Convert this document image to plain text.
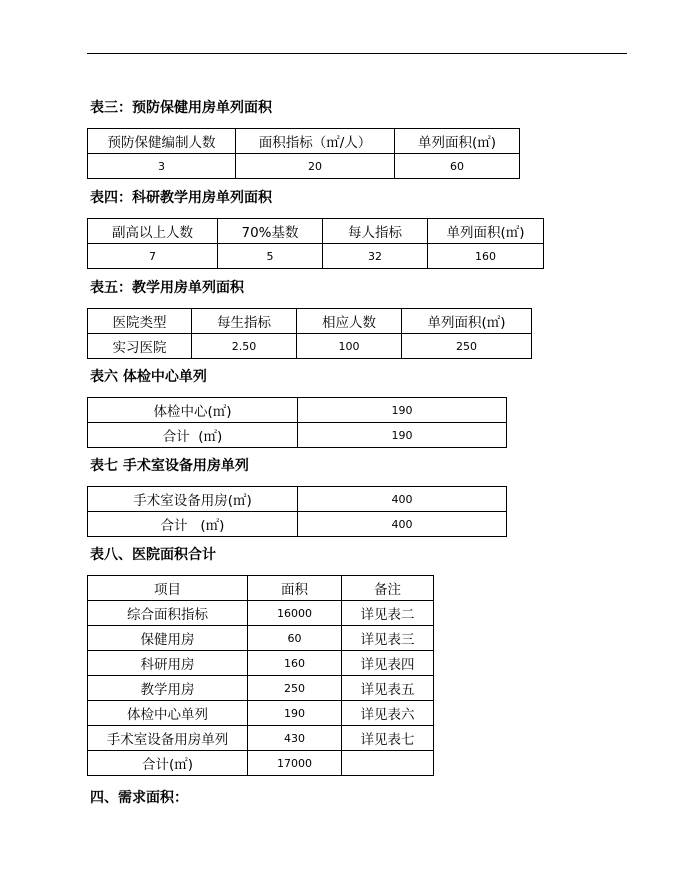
表三：预防保健用房单列面积
预防保健编制人数	面积指标（㎡/人）	单列面积(㎡)
3	20	60
表四：科研教学用房单列面积
副高以上人数	70%基数	每人指标	单列面积(㎡)
7	5	32	160
表五：教学用房单列面积
医院类型	每生指标	相应人数	单列面积(㎡)
实习医院	2.50	100	250
表六 体检中心单列
体检中心(㎡)	190
合计  (㎡)	190
表七 手术室设备用房单列
手术室设备用房(㎡)	400
合计   (㎡)	400
表八、医院面积合计
项目	面积	备注
综合面积指标	16000	详见表二
保健用房	60	详见表三
科研用房	160	详见表四
教学用房	250	详见表五
体检中心单列	190	详见表六
手术室设备用房单列	430	详见表七
合计(㎡)	17000	
四、需求面积：
